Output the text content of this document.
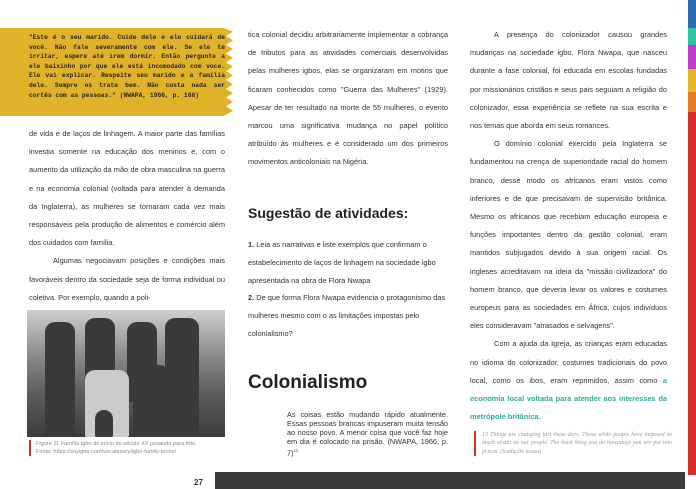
"Este é o seu marido. Cuide dele e ele cuidará de você. Não fale severamente com ele. Se ele te irritar, espere até irem dormir. Então pergunte a ele baixinho por que ele está incomodado com voce. Ele vai explicar. Respeite seu marido e a família dele. Sempre os trate bem. Não custa nada ser cortês com as pessoas." (NWAPA, 1966, p. 168)

de vida e de laços de linhagem. A maior parte das famílias investia somente na educação dos meninos e, com o aumento da utilização da mão de obra masculina na guerra e na economia colonial (voltada para atender à demanda da Inglaterra), as mulheres se tornaram cada vez mais responsáveis pela produção de alimentos e comércio além dos cuidados com família.

Algumas negociavam posições e condições mais favoráveis dentro da sociedade seja de forma individual ou coletiva. Por exemplo, quando a poli-

Figure 11 Família Igbo do início do século XX posando para foto.
Fonte: https://soyigbo.com/vocabulary/igbo-family-terms/

tica colonial decidiu arbitrariamente implementar a cobrança de tributos para as atividades comerciais desenvolvidas pelas mulheres igbos, elas se organizaram em motins que ficaram conhecidos como "Guerra das Mulheres" (1929). Apesar de ter resultado na morte de 55 mulheres, o evento marcou uma significativa mudança no papel político atribuído às mulheres e é considerado um dos primeiros movimentos anticoloniais na Nigéria.

Sugestão de atividades:

1. Leia as narrativas e liste exemplos que confirmam o estabelecimento de laços de linhagem na sociedade igbo apresentada na obra de Flora Nwapa

2. De que forma Flora Nwapa evidencia o protagonismo das mulheres mesmo com o as limitações impostas pelo colonialismo?

Colonialismo
As coisas estão mudando rápido atualmente. Essas pessoas brancas impuseram muita tensão ao nosso povo. A menor coisa que você faz hoje em dia é colocado na prisão. (NWAPA, 1966, p. 7)$^{13}$

A presença do colonizador causou grandes mudanças na sociedade igbo. Flora Nwapa, que nasceu durante a fase colonial, foi educada em escolas fundadas por missionários cristãos e seus pais seguiam a religião do colonizador, essa experiência se reflete na sua escrita e nos temas que aborda em seus romances.

O domínio colonial exercido pela Inglaterra se fundamentou na crença de superioridade racial do homem branco, desse modo os africanos eram vistos como inferiores e de que precisavam de supervisão britânica. Mesmo os africanos que recebiam educação europeia e funções importantes dentro da gestão colonial, eram mantidos subjugados devido à sua origem racial. Os ingleses acreditavam na ideia da "missão civilizadora" do homem branco, que deveria levar os valores e costumes europeus para as sociedades em África, cujos indivíduos eles consideravam "atrasados e selvagens".

Com a ajuda da Igreja, as crianças eram educadas no idioma do colonizador, costumes tradicionais do povo local, como os ibos, eram reprimidos, assim como a economia local voltada para atender aos interesses da metrópole britânica.

13 Things are changing fast these days. These white people have imposed so much strain on our people. The least thing you do nowadays you are put into prison. (tradução nossa)
27
